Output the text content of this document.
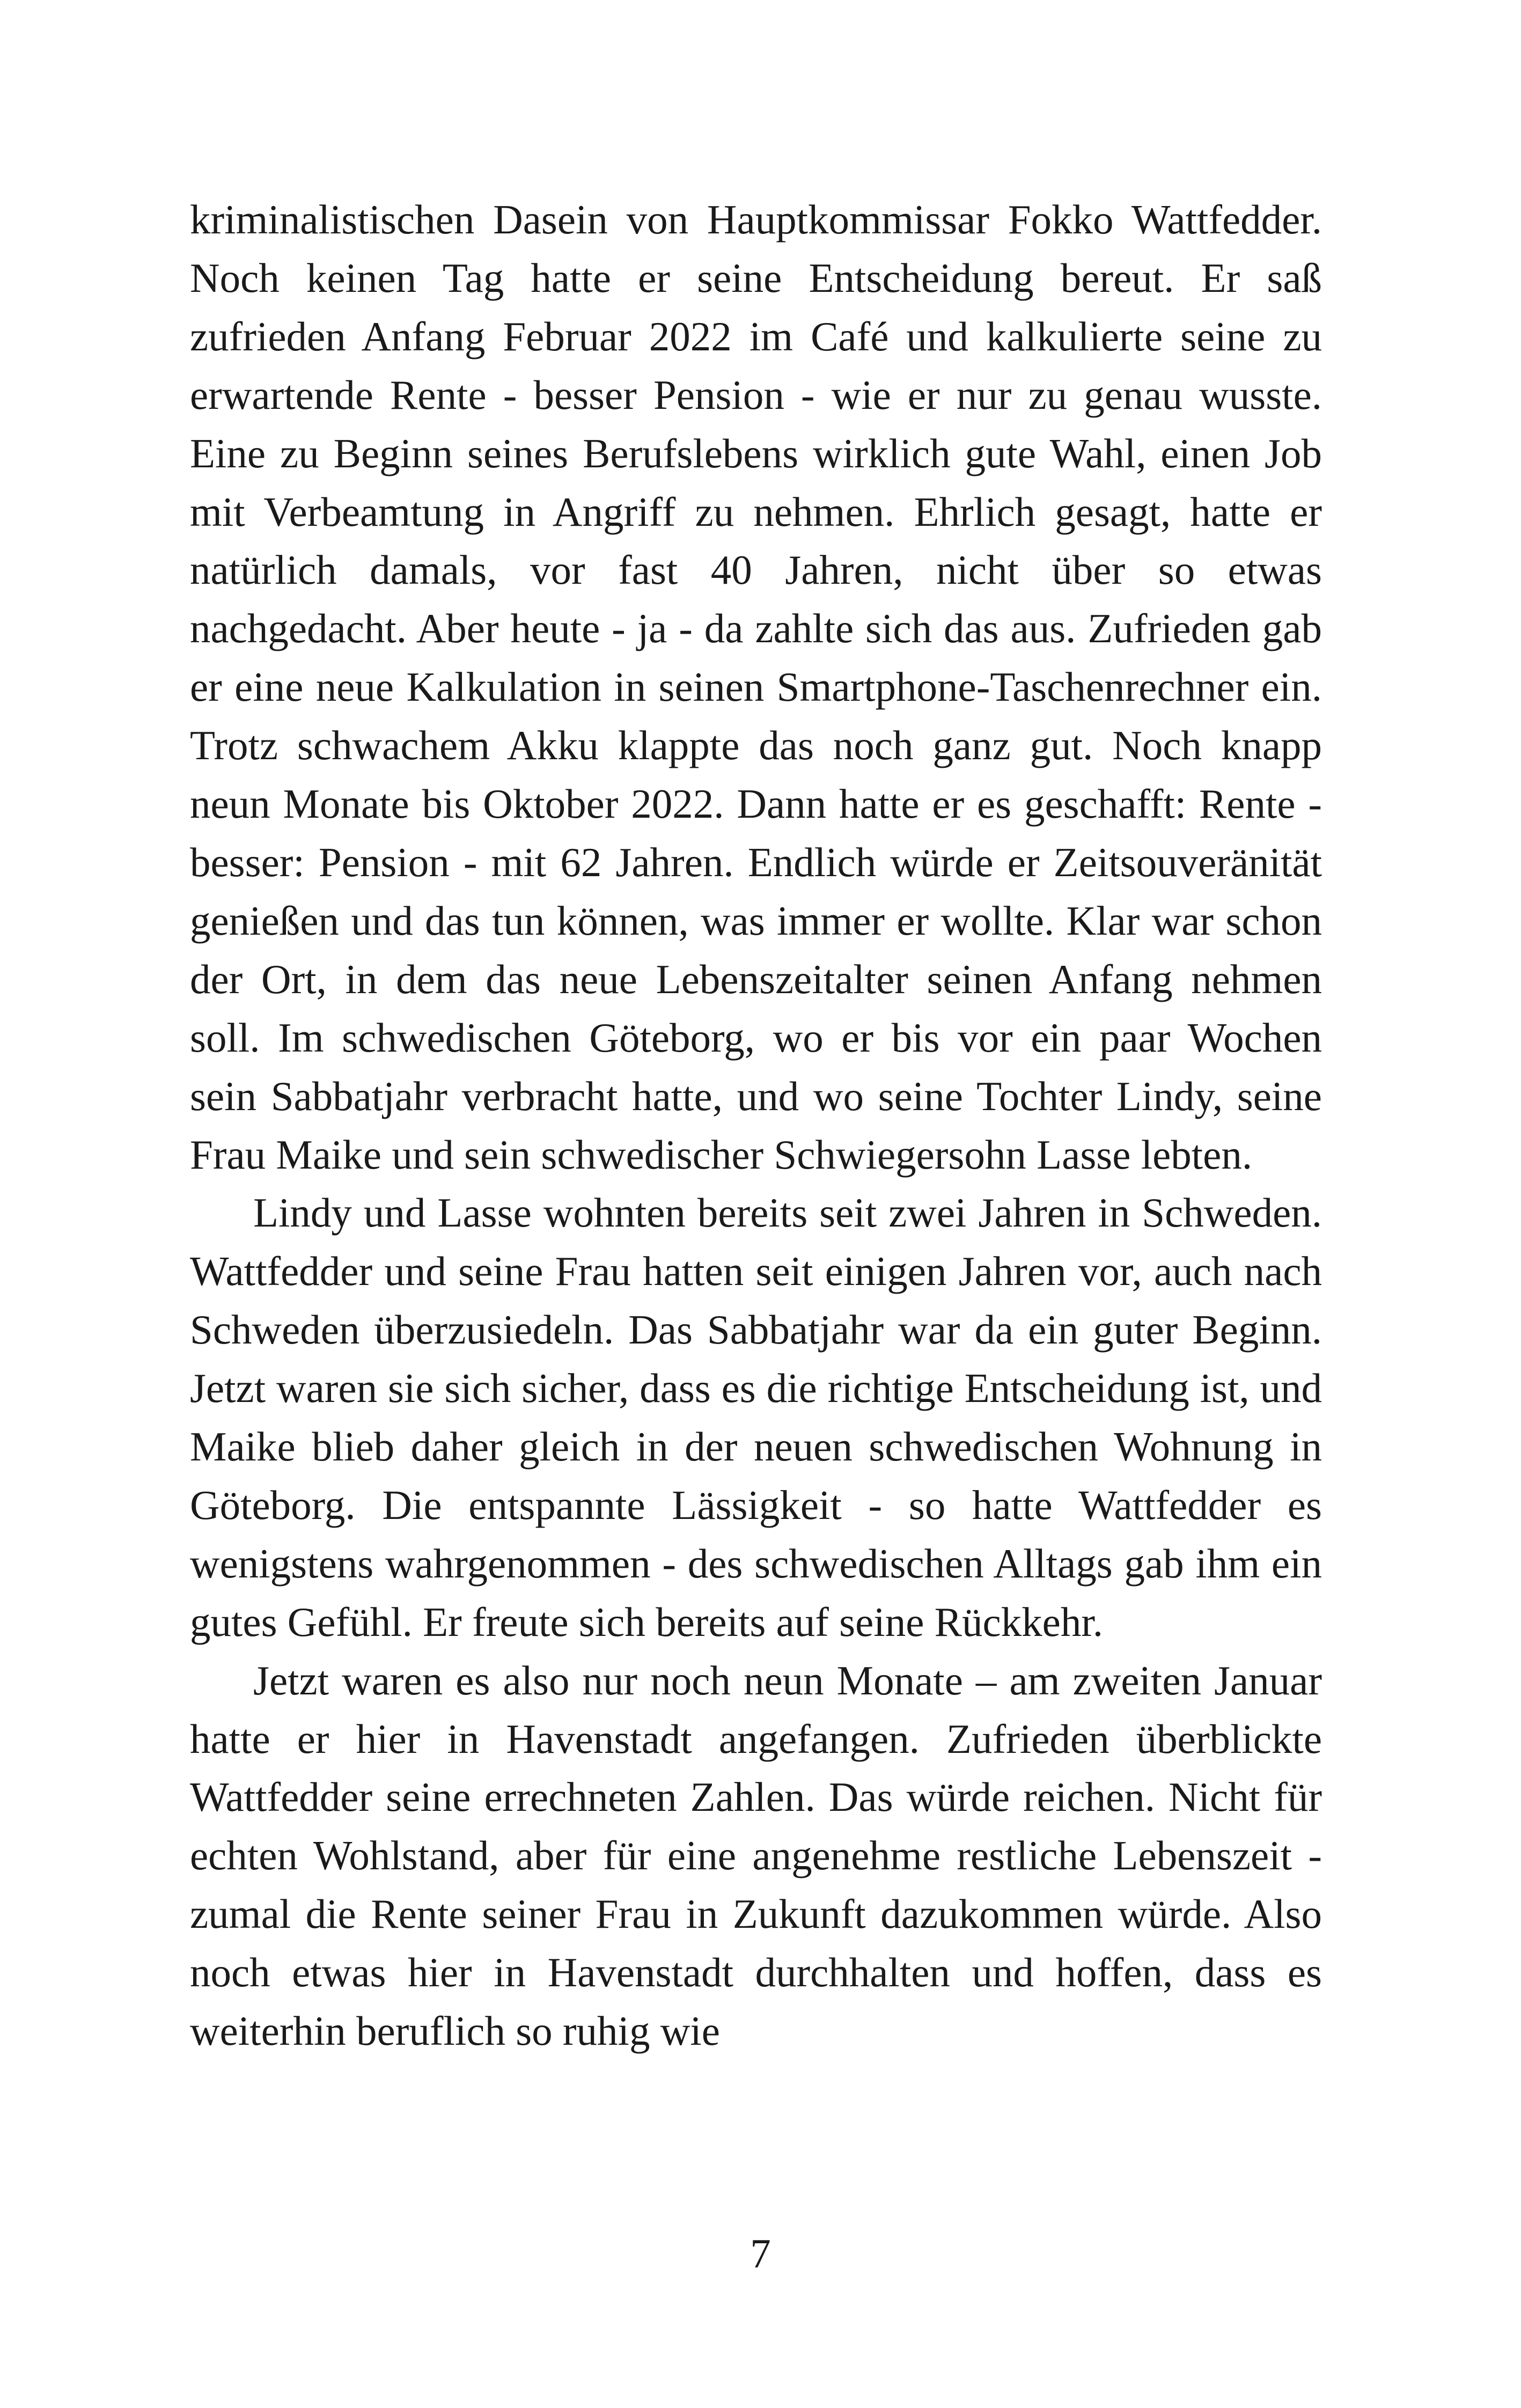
kriminalistischen Dasein von Hauptkommissar Fokko Wattfedder. Noch keinen Tag hatte er seine Entscheidung bereut. Er saß zufrieden Anfang Februar 2022 im Café und kalkulierte seine zu erwartende Rente - besser Pension - wie er nur zu genau wusste. Eine zu Beginn seines Berufslebens wirklich gute Wahl, einen Job mit Verbeamtung in Angriff zu nehmen. Ehrlich gesagt, hatte er natürlich damals, vor fast 40 Jahren, nicht über so etwas nachgedacht. Aber heute - ja - da zahlte sich das aus. Zufrieden gab er eine neue Kalkulation in seinen Smartphone-Taschenrechner ein. Trotz schwachem Akku klappte das noch ganz gut. Noch knapp neun Monate bis Oktober 2022. Dann hatte er es geschafft: Rente - besser: Pension - mit 62 Jahren. Endlich würde er Zeitsouveränität genießen und das tun können, was immer er wollte. Klar war schon der Ort, in dem das neue Lebenszeitalter seinen Anfang nehmen soll. Im schwedischen Göteborg, wo er bis vor ein paar Wochen sein Sabbatjahr verbracht hatte, und wo seine Tochter Lindy, seine Frau Maike und sein schwedischer Schwiegersohn Lasse lebten.

Lindy und Lasse wohnten bereits seit zwei Jahren in Schweden. Wattfedder und seine Frau hatten seit einigen Jahren vor, auch nach Schweden überzusiedeln. Das Sabbatjahr war da ein guter Beginn. Jetzt waren sie sich sicher, dass es die richtige Entscheidung ist, und Maike blieb daher gleich in der neuen schwedischen Wohnung in Göteborg. Die entspannte Lässigkeit - so hatte Wattfedder es wenigstens wahrgenommen - des schwedischen Alltags gab ihm ein gutes Gefühl. Er freute sich bereits auf seine Rückkehr.

Jetzt waren es also nur noch neun Monate – am zweiten Januar hatte er hier in Havenstadt angefangen. Zufrieden überblickte Wattfedder seine errechneten Zahlen. Das würde reichen. Nicht für echten Wohlstand, aber für eine angenehme restliche Lebenszeit - zumal die Rente seiner Frau in Zukunft dazukommen würde. Also noch etwas hier in Havenstadt durchhalten und hoffen, dass es weiterhin beruflich so ruhig wie

7
